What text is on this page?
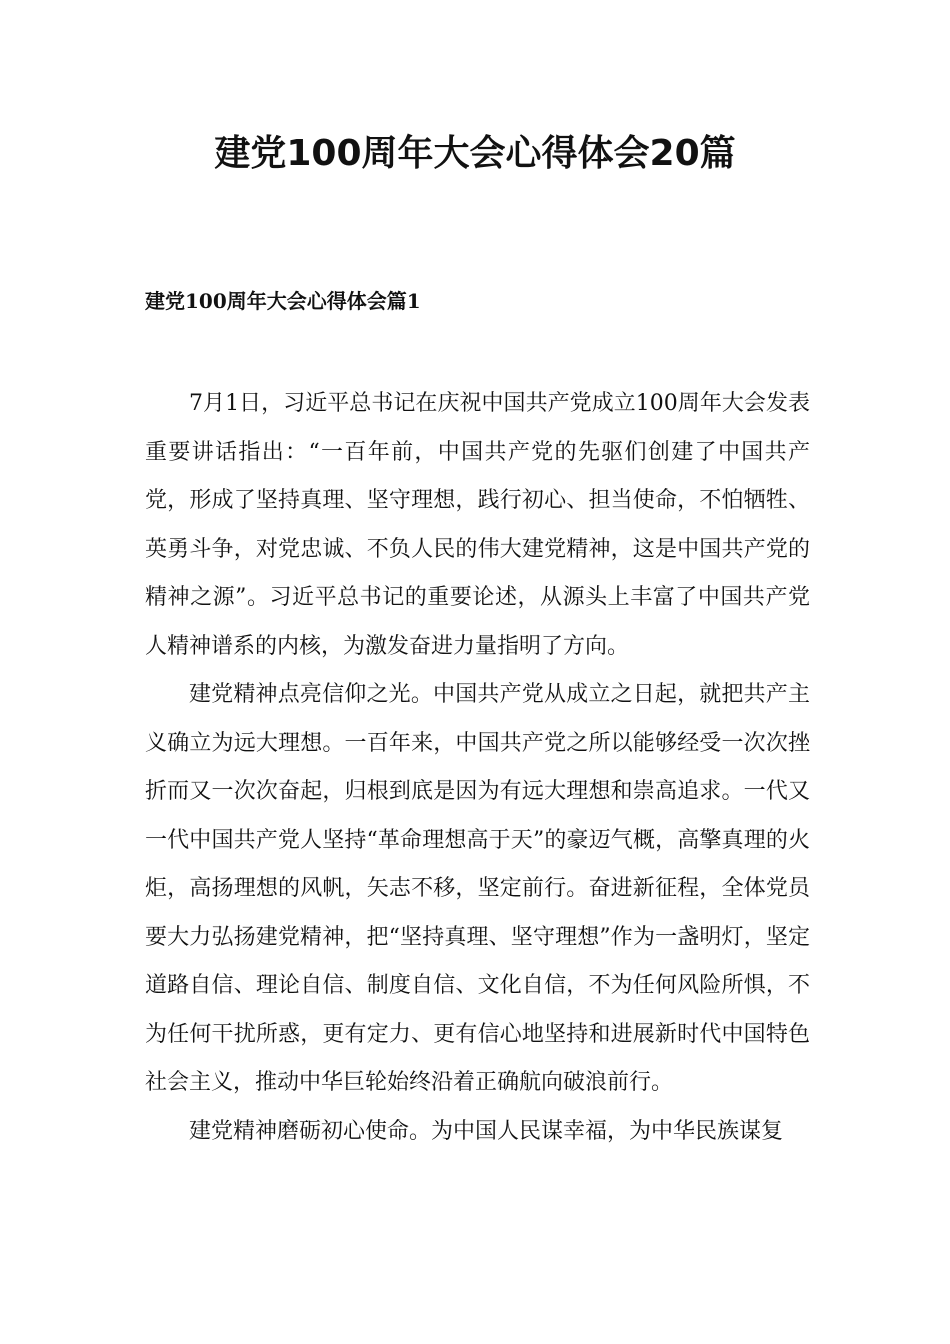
建党100周年大会心得体会20篇
建党100周年大会心得体会篇1

7月1日，习近平总书记在庆祝中国共产党成立100周年大会发表重要讲话指出：“一百年前，中国共产党的先驱们创建了中国共产党，形成了坚持真理、坚守理想，践行初心、担当使命，不怕牺牲、英勇斗争，对党忠诚、不负人民的伟大建党精神，这是中国共产党的精神之源”。习近平总书记的重要论述，从源头上丰富了中国共产党人精神谱系的内核，为激发奋进力量指明了方向。

建党精神点亮信仰之光。中国共产党从成立之日起，就把共产主义确立为远大理想。一百年来，中国共产党之所以能够经受一次次挫折而又一次次奋起，归根到底是因为有远大理想和崇高追求。一代又一代中国共产党人坚持“革命理想高于天”的豪迈气概，高擎真理的火炬，高扬理想的风帆，矢志不移，坚定前行。奋进新征程，全体党员要大力弘扬建党精神，把“坚持真理、坚守理想”作为一盏明灯，坚定道路自信、理论自信、制度自信、文化自信，不为任何风险所惧，不为任何干扰所惑，更有定力、更有信心地坚持和进展新时代中国特色社会主义，推动中华巨轮始终沿着正确航向破浪前行。

建党精神磨砺初心使命。为中国人民谋幸福，为中华民族谋复
